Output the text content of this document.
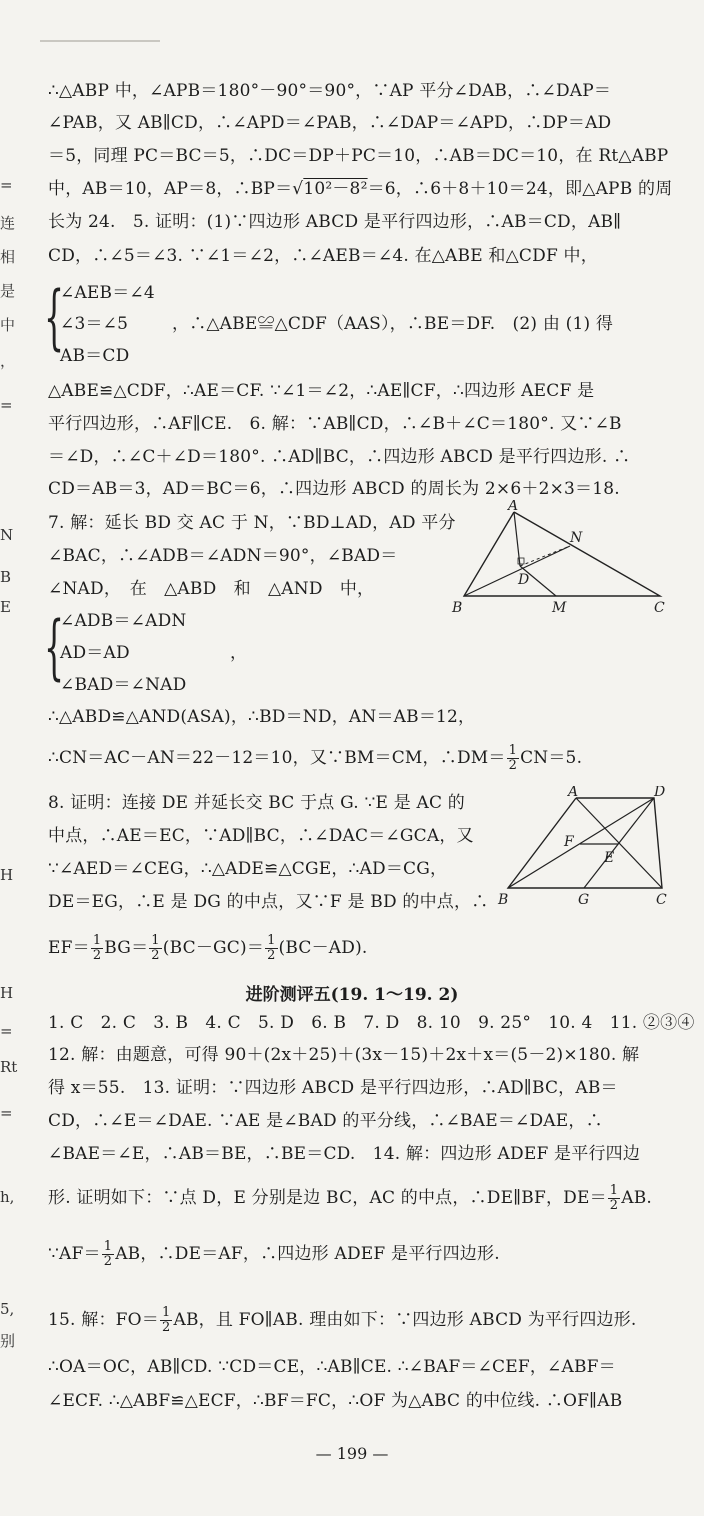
=
连
相
是
中
，
=
N
B
E
H
H
=
Rt
=
h,
5,
别
∴△ABP 中，∠APB＝180°－90°＝90°，∵AP 平分∠DAB，∴∠DAP＝
∠PAB，又 AB∥CD，∴∠APD＝∠PAB，∴∠DAP＝∠APD，∴DP＝AD
＝5，同理 PC＝BC＝5，∴DC＝DP＋PC＝10，∴AB＝DC＝10，在 Rt△ABP
中，AB＝10，AP＝8，∴BP＝√10²－8²＝6，∴6＋8＋10＝24，即△APB 的周
长为 24.　5. 证明：(1)∵四边形 ABCD 是平行四边形，∴AB＝CD，AB∥
CD，∴∠5＝∠3. ∵∠1＝∠2，∴∠AEB＝∠4. 在△ABE 和△CDF 中，
{
∠AEB＝∠4
∠3＝∠5	，∴△ABE≌△CDF（AAS），∴BE＝DF.　(2) 由 (1) 得
AB＝CD
△ABE≌△CDF，∴AE＝CF. ∵∠1＝∠2，∴AE∥CF，∴四边形 AECF 是
平行四边形，∴AF∥CE.　6. 解：∵AB∥CD，∴∠B＋∠C＝180°. 又∵∠B
＝∠D，∴∠C＋∠D＝180°. ∴AD∥BC，∴四边形 ABCD 是平行四边形. ∴
CD＝AB＝3，AD＝BC＝6，∴四边形 ABCD 的周长为 2×6＋2×3＝18.
7. 解：延长 BD 交 AC 于 N，∵BD⊥AD，AD 平分
∠BAC，∴∠ADB＝∠ADN＝90°，∠BAD＝
∠NAD，　在　△ABD　和　△AND　中，
{
∠ADB＝∠ADN
AD＝AD	，
∠BAD＝∠NAD
∴△ABD≌△AND(ASA)，∴BD＝ND，AN＝AB＝12，
∴CN＝AC－AN＝22－12＝10，又∵BM＝CM，∴DM＝ $\frac{1}{2} CN=5$.
8. 证明：连接 DE 并延长交 BC 于点 G. ∵E 是 AC 的
中点，∴AE＝EC，∵AD∥BC，∴∠DAC＝∠GCA，又
∵∠AED＝∠CEG，∴△ADE≌△CGE，∴AD＝CG，
DE＝EG，∴E 是 DG 的中点，又∵F 是 BD 的中点，∴
$EF= \frac{1}{2} BG= \frac{1}{2} (BC-GC)= \frac{1}{2} (BC-AD)$.
进阶测评五(19. 1～19. 2)
1. C　2. C　3. B　4. C　5. D　6. B　7. D　8. 10　9. 25°　10. 4　11. ②③④
12. 解：由题意，可得 90＋(2x＋25)＋(3x－15)＋2x＋x＝(5－2)×180. 解
得 x＝55.　13. 证明：∵四边形 ABCD 是平行四边形，∴AD∥BC，AB＝
CD，∴∠E＝∠DAE. ∵AE 是∠BAD 的平分线，∴∠BAE＝∠DAE，∴
∠BAE＝∠E，∴AB＝BE，∴BE＝CD.　14. 解：四边形 ADEF 是平行四边
形. 证明如下：∵点 D，E 分别是边 BC，AC 的中点，∴DE∥BF，$DE= \frac{1}{2}$ AB.
∵AF＝ $\frac{1}{2}$ AB，∴DE＝AF，∴四边形 ADEF 是平行四边形.
15. 解：$FO= \frac{1}{2}$ AB，且 FO∥AB. 理由如下：∵四边形 ABCD 为平行四边形.
∴OA＝OC，AB∥CD. ∵CD＝CE，∴AB∥CE. ∴∠BAF＝∠CEF，∠ABF＝
∠ECF. ∴△ABF≌△ECF，∴BF＝FC，∴OF 为△ABC 的中位线. ∴OF∥AB
— 199 —
A
B	C
D
M
N
A	D
B	C
F
E
G
